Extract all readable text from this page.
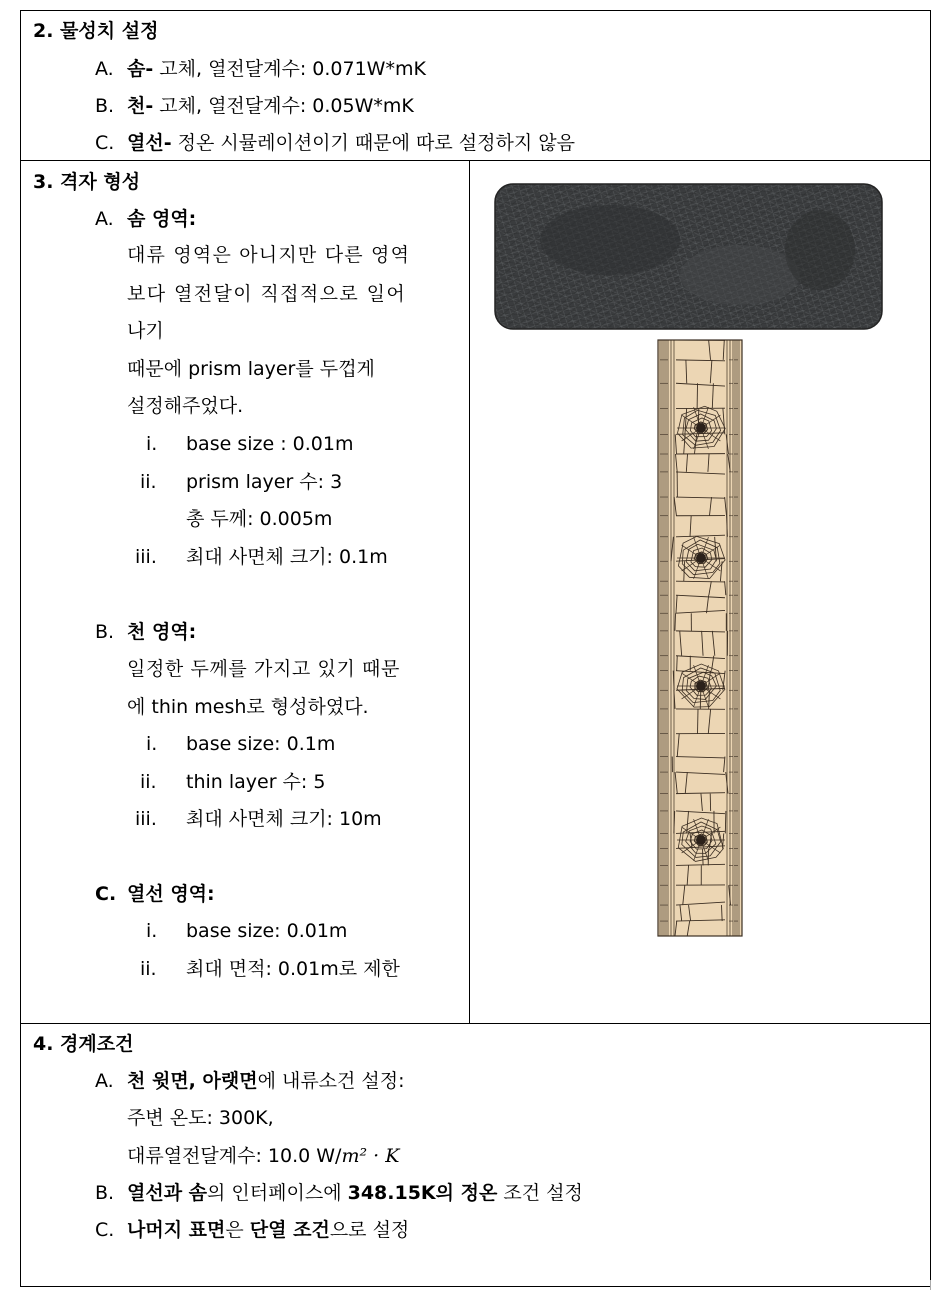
2. 물성치 설정
A. 솜- 고체, 열전달계수: 0.071W*mK
B. 천- 고체, 열전달계수: 0.05W*mK
C. 열선- 정온 시뮬레이션이기 때문에 따로 설정하지 않음
3. 격자 형성
A. 솜 영역:
대류 영역은 아니지만 다른 영역
보다 열전달이 직접적으로 일어
나기
때문에 prism layer를 두껍게
설정해주었다.
i. base size : 0.01m
ii. prism layer 수: 3
총 두께: 0.005m
iii. 최대 사면체 크기: 0.1m
B. 천 영역:
일정한 두께를 가지고 있기 때문
에 thin mesh로 형성하였다.
i. base size: 0.1m
ii. thin layer 수: 5
iii. 최대 사면체 크기: 10m
C. 열선 영역:
i. base size: 0.01m
ii. 최대 면적: 0.01m로 제한
4. 경계조건
A. 천 윗면, 아랫면에 내류소건 설정:
주변 온도: 300K,
대류열전달계수: 10.0 W/m² · K
B. 열선과 솜의 인터페이스에 348.15K의 정온 조건 설정
C. 나머지 표면은 단열 조건으로 설정
